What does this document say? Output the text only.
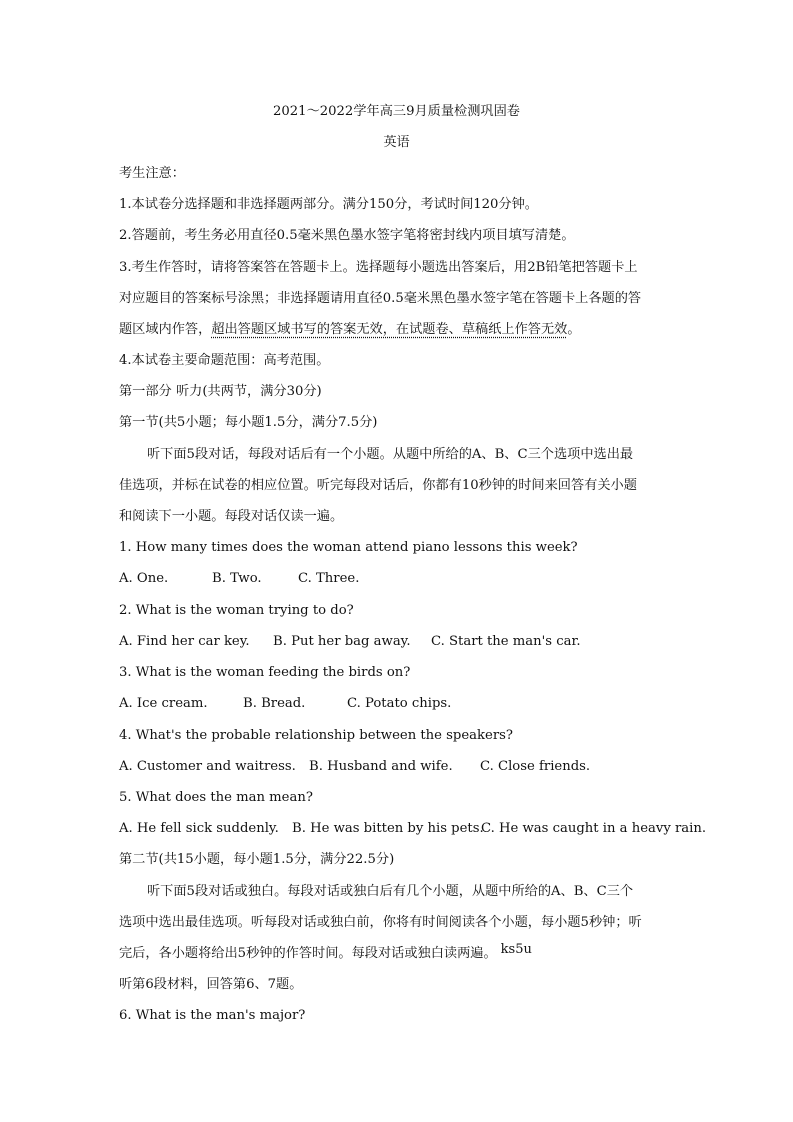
2021～2022学年高三9月质量检测巩固卷
英语
考生注意：
1.本试卷分选择题和非选择题两部分。满分150分，考试时间120分钟。
2.答题前，考生务必用直径0.5毫米黑色墨水签字笔将密封线内项目填写清楚。
3.考生作答时，请将答案答在答题卡上。选择题每小题选出答案后，用2B铅笔把答题卡上
对应题目的答案标号涂黑；非选择题请用直径0.5毫米黑色墨水签字笔在答题卡上各题的答
题区域内作答，超出答题区域书写的答案无效，在试题卷、草稿纸上作答无效。
4.本试卷主要命题范围：高考范围。
第一部分 听力(共两节，满分30分)
第一节(共5小题；每小题1.5分，满分7.5分)
听下面5段对话，每段对话后有一个小题。从题中所给的A、B、C三个选项中选出最
佳选项，并标在试卷的相应位置。听完每段对话后，你都有10秒钟的时间来回答有关小题
和阅读下一小题。每段对话仅读一遍。
1. How many times does the woman attend piano lessons this week?
A. One.	B. Two.	C. Three.
2. What is the woman trying to do?
A. Find her car key. B. Put her bag away. C. Start the man's car.
3. What is the woman feeding the birds on?
A. Ice cream.	B. Bread.	C. Potato chips.
4. What's the probable relationship between the speakers?
A. Customer and waitress. B. Husband and wife. C. Close friends.
5. What does the man mean?
A. He fell sick suddenly. B. He was bitten by his pets.C. He was caught in a heavy rain.
第二节(共15小题，每小题1.5分，满分22.5分)
听下面5段对话或独白。每段对话或独白后有几个小题，从题中所给的A、B、C三个
选项中选出最佳选项。听每段对话或独白前，你将有时间阅读各个小题，每小题5秒钟；听
完后，各小题将给出5秒钟的作答时间。每段对话或独白读两遍。 ks5u
听第6段材料，回答第6、7题。
6. What is the man's major?
